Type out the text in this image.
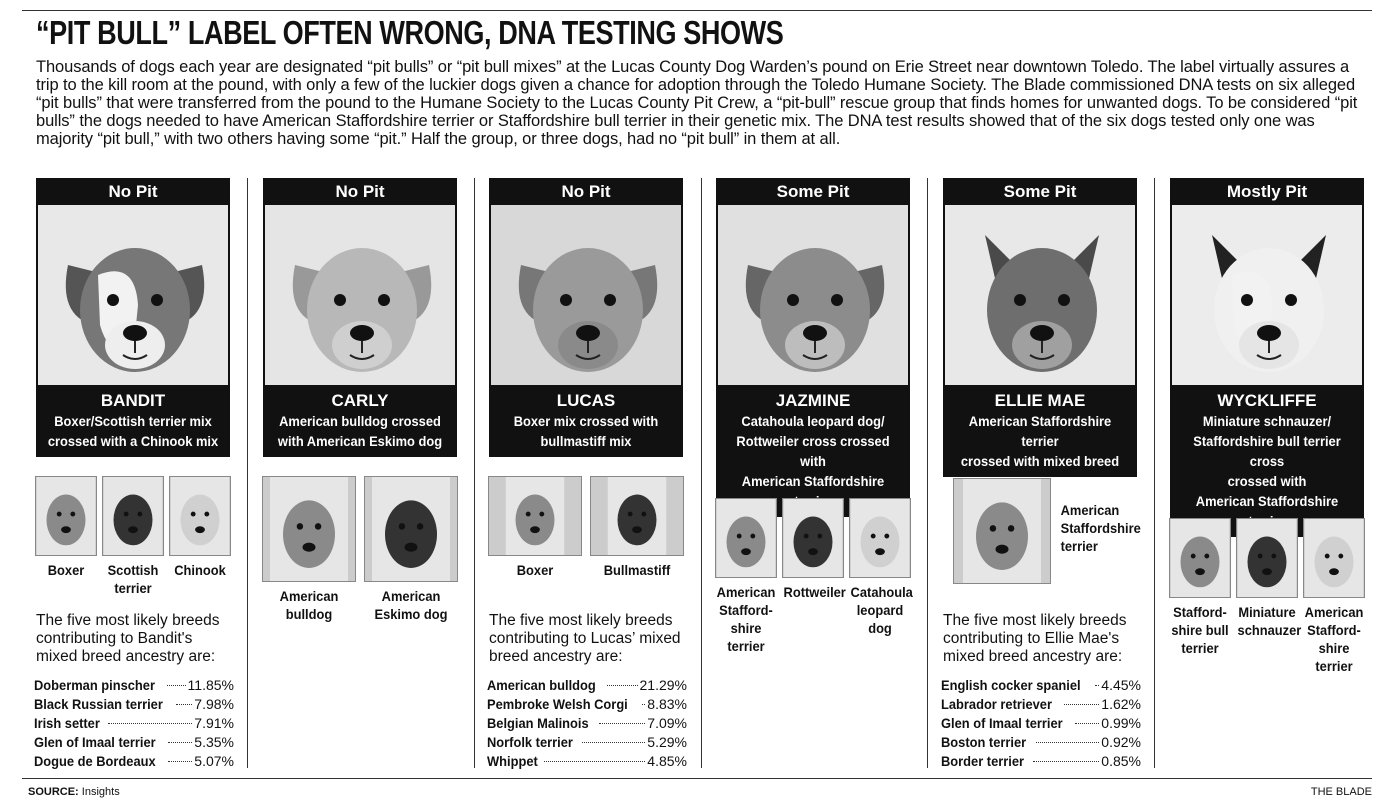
“PIT BULL” LABEL OFTEN WRONG, DNA TESTING SHOWS

Thousands of dogs each year are designated “pit bulls” or “pit bull mixes” at the Lucas County Dog Warden’s pound on Erie Street near downtown Toledo. The label virtually assures a trip to the kill room at the pound, with only a few of the luckier dogs given a chance for adoption through the Toledo Humane Society. The Blade commissioned DNA tests on six alleged “pit bulls” that were transferred from the pound to the Humane Society to the Lucas County Pit Crew, a “pit-bull” rescue group that finds homes for unwanted dogs. To be considered “pit bulls” the dogs needed to have American Staffordshire terrier or Staffordshire bull terrier in their genetic mix. The DNA test results showed that of the six dogs tested only one was majority “pit bull,” with two others having some “pit.” Half the group, or three dogs, had no “pit bull” in them at all.

No Pit
BANDIT
Boxer/Scottish terrier mix
crossed with a Chinook mix
No Pit
CARLY
American bulldog crossed
with American Eskimo dog
No Pit
LUCAS
Boxer mix crossed with
bullmastiff mix
Some Pit
JAZMINE
Catahoula leopard dog/
Rottweiler cross crossed with
American Staffordshire
Some Pit
ELLIE MAE
American Staffordshire terrier
crossed with mixed breed
Mostly Pit
WYCKLIFFE
Miniature schnauzer/
Staffordshire bull terrier cross
crossed with
American Staffordshire
SOURCE: Insights	THE BLADE
Boxer	Scottish terrier
Chinook
The five most likely breeds contributing to Bandit's mixed breed ancestry are:
Doberman pinscher 11.85%
Black Russian terrier 7.98%
Irish setter	7.91%
Glen of Imaal terrier	5.35%
Dogue de Bordeaux	5.07%
American bulldog
American Eskimo dog
Boxer	Bullmastiff
The five most likely breeds contributing to Lucas’ mixed breed ancestry are:
American bulldog	21.29%
Pembroke Welsh Corgi 8.83%
Belgian Malinois	7.09%
Norfolk terrier	5.29%
Whippet	4.85%
American Stafford-shire terrier
Rottweiler Catahoula leopard dog
American Staffordshire terrier
The five most likely breeds contributing to Ellie Mae's mixed breed ancestry are:
English cocker spaniel 4.45%
Labrador retriever	1.62%
Glen of Imaal terrier	0.99%
Boston terrier	0.92%
Border terrier	0.85%
Stafford-shire bull terrier
Miniature schnauzer
American Stafford-shire terrier
